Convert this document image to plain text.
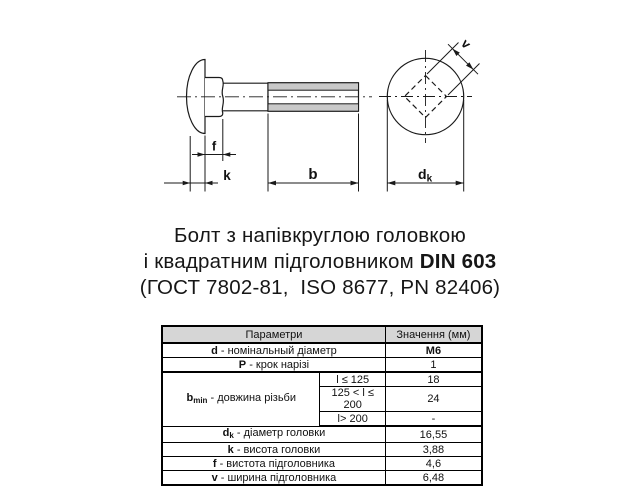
f
k	b
v
dk
Болт з напівкруглою головкою
і квадратним підголовником DIN 603
(ГОСТ 7802-81,  ISO 8677, PN 82406)
Параметри		Значення (мм)
d - номінальный діаметр		M6
P - крок нарізі		1
$b_{min}$ - довжина різьби	l ≤ 125	18
	125 < l ≤ 200	24
	l> 200	-
$d_k$ - діаметр головки		16,55
k - висота головки		3,88
f - вистота підголовника		4,6
v - ширина підголовника		6,48
